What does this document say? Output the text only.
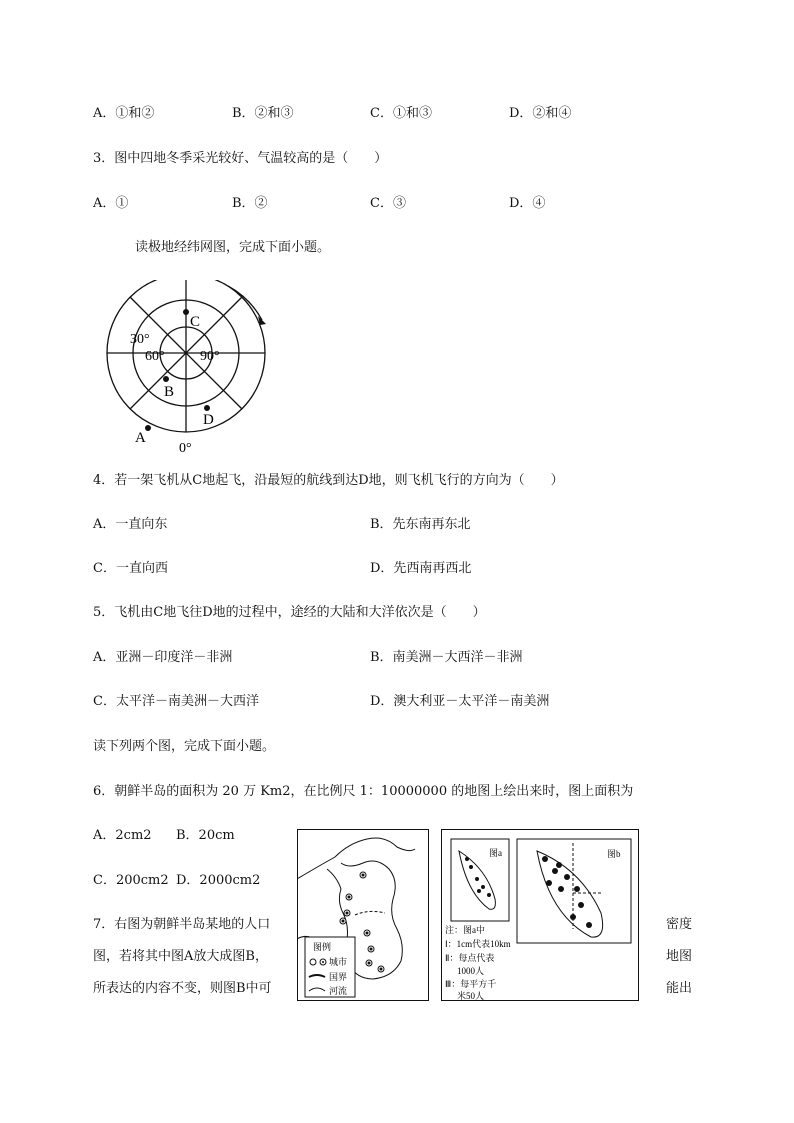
A．①和②	B．②和③	C．①和③	D．②和④
3．图中四地冬季采光较好、气温较高的是（　　）
A．①	B．②	C．③	D．④
读极地经纬网图，完成下面小题。
C
B
D
A
30°
60°	90°
0°
4．若一架飞机从C地起飞，沿最短的航线到达D地，则飞机飞行的方向为（　　）
A．一直向东	B．先东南再东北
C．一直向西	D．先西南再西北
5．飞机由C地飞往D地的过程中，途经的大陆和大洋依次是（　　）
A．亚洲－印度洋－非洲	B．南美洲－大西洋－非洲
C．太平洋－南美洲－大西洋	D．澳大利亚－太平洋－南美洲
读下列两个图，完成下面小题。
6．朝鲜半岛的面积为 20 万 Km2，在比例尺 1：10000000 的地图上绘出来时，图上面积为
A．2cm2 B．20cm
C．200cm2 D．2000cm2
7．右图为朝鲜半岛某地的人口	密度
图，若将其中图A放大成图B，	地图
所表达的内容不变，则图B中可	能出
图例
城市
国界
河流
图a	图b
注：图a中
Ⅰ：1cm代表10km
Ⅱ：每点代表
1000人
Ⅲ：每平方千
米50人
